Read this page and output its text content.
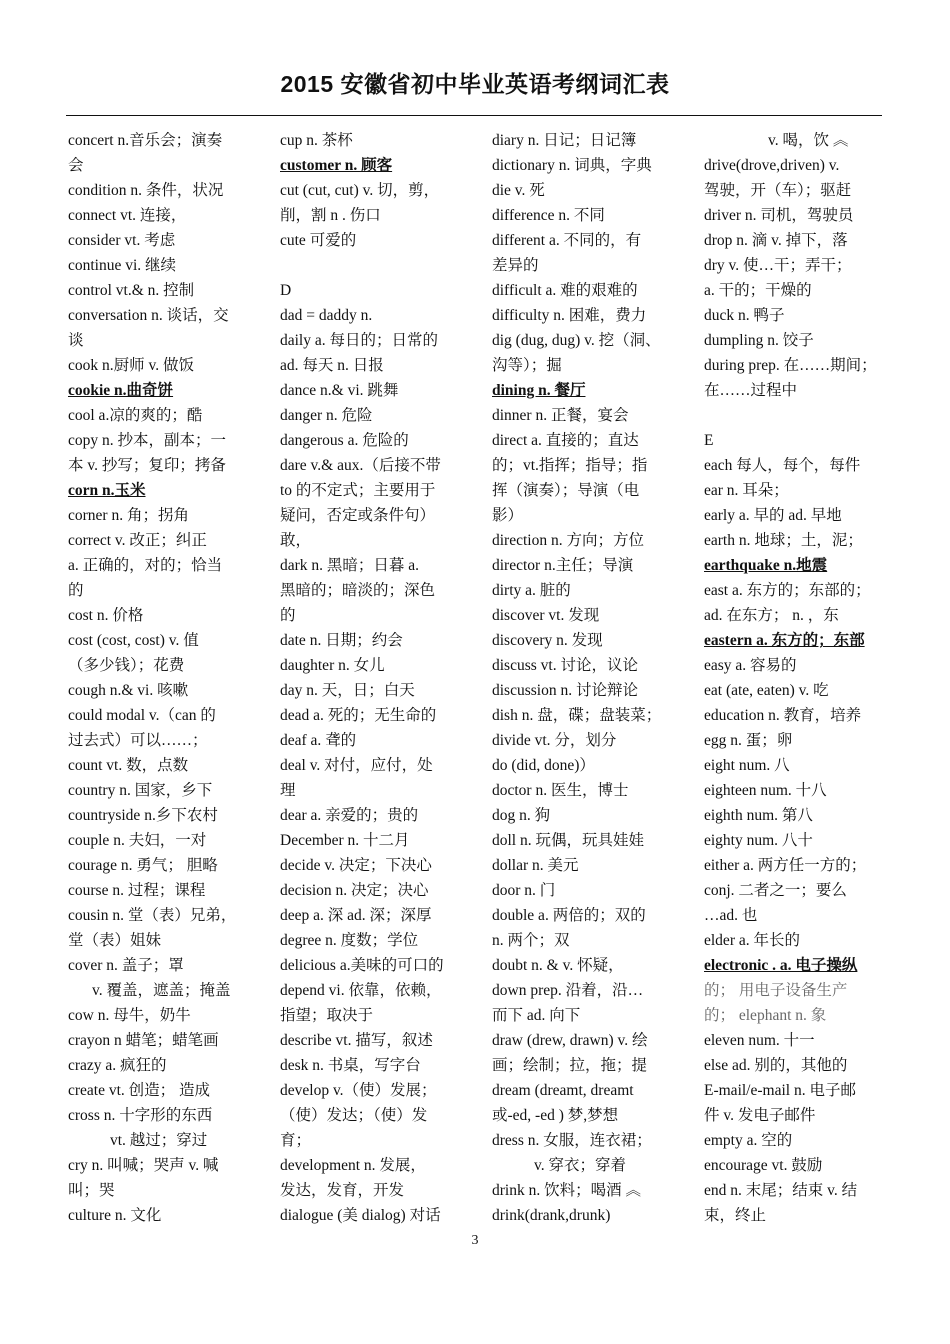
2015 安徽省初中毕业英语考纲词汇表
concert n.音乐会；演奏
会
condition n. 条件，状况
connect vt. 连接，
consider vt. 考虑
continue vi. 继续
control vt.& n. 控制
conversation n. 谈话，交
谈
cook n.厨师 v. 做饭
cookie n.曲奇饼
cool a.凉的爽的；酷
copy n. 抄本，副本；一
本 v. 抄写；复印；拷备
corn n.玉米
corner n. 角；拐角
correct v. 改正；纠正
a. 正确的，对的；恰当
的
cost n. 价格
cost (cost, cost) v. 值
（多少钱）；花费
cough n.& vi. 咳嗽
could modal v.（can 的
过去式）可以……；
count vt. 数，点数
country n. 国家，乡下
countryside n.乡下农村
couple n. 夫妇，一对
courage n. 勇气； 胆略
course n. 过程；课程
cousin n. 堂（表）兄弟，
堂（表）姐妹
cover n. 盖子；罩
v. 覆盖，遮盖；掩盖
cow n. 母牛，奶牛
crayon n 蜡笔；蜡笔画
crazy a. 疯狂的
create vt. 创造； 造成
cross n. 十字形的东西
vt. 越过；穿过
cry n. 叫喊；哭声 v. 喊
叫；哭
culture n. 文化
cup n. 茶杯
customer n. 顾客
cut (cut, cut) v. 切，剪，
削，割 n . 伤口
cute 可爱的
D
dad = daddy n.
daily a. 每日的；日常的
ad. 每天 n. 日报
dance n.& vi. 跳舞
danger n. 危险
dangerous a. 危险的
dare v.& aux.（后接不带
to 的不定式；主要用于
疑问，否定或条件句）
敢，
dark n. 黑暗；日暮 a.
黑暗的；暗淡的；深色
的
date n. 日期；约会
daughter n. 女儿
day n. 天，日；白天
dead a. 死的；无生命的
deaf a. 聋的
deal v. 对付，应付，处
理
dear a. 亲爱的；贵的
December n. 十二月
decide v. 决定；下决心
decision n. 决定；决心
deep a. 深 ad. 深；深厚
degree n. 度数；学位
delicious a.美味的可口的
depend vi. 依靠，依赖，
指望；取决于
describe vt. 描写，叙述
desk n. 书桌，写字台
develop v.（使）发展；
（使）发达；（使）发
育；
development n. 发展，
发达，发育，开发
dialogue (美 dialog) 对话
diary n. 日记；日记簿
dictionary n. 词典，字典
die v. 死
difference n. 不同
different a. 不同的，有
差异的
difficult a. 难的艰难的
difficulty n. 困难，费力
dig (dug, dug) v. 挖（洞、
沟等）；掘
dining n. 餐厅
dinner n. 正餐，宴会
direct a. 直接的；直达
的；vt.指挥；指导；指
挥（演奏）；导演（电
影）
direction n. 方向；方位
director n.主任；导演
dirty a. 脏的
discover vt. 发现
discovery n. 发现
discuss vt. 讨论，议论
discussion n. 讨论辩论
dish n. 盘，碟；盘装菜；
divide vt. 分，划分
do (did, done)）
doctor n. 医生，博士
dog n. 狗
doll n. 玩偶，玩具娃娃
dollar n. 美元
door n. 门
double a. 两倍的；双的
n. 两个；双
doubt n. & v. 怀疑，
down prep. 沿着，沿…
而下 ad. 向下
draw (drew, drawn) v. 绘
画；绘制；拉，拖；提
dream (dreamt, dreamt
或-ed, -ed ) 梦,梦想
dress n. 女服，连衣裙；
v. 穿衣；穿着
drink n. 饮料；喝酒 ︽
drink(drank,drunk)
v. 喝，饮 ︽
drive(drove,driven) v.
驾驶，开（车）；驱赶
driver n. 司机，驾驶员
drop n. 滴 v. 掉下，落
dry v. 使…干；弄干；
a. 干的；干燥的
duck n. 鸭子
dumpling n. 饺子
during prep. 在……期间；
在……过程中
E
each 每人，每个，每件
ear n. 耳朵；
early a. 早的 ad. 早地
earth n. 地球；土，泥；
earthquake n.地震
east a. 东方的；东部的；
ad. 在东方； n. ，东
eastern a. 东方的；东部
easy a. 容易的
eat (ate, eaten) v. 吃
education n. 教育，培养
egg n. 蛋；卵
eight num. 八
eighteen num. 十八
eighth num. 第八
eighty num. 八十
either a. 两方任一方的；
conj. 二者之一；要么
…ad. 也
elder a. 年长的
electronic . a. 电子操纵
的； 用电子设备生产
的； elephant n. 象
eleven num. 十一
else ad. 别的，其他的
E-mail/e-mail n. 电子邮
件 v. 发电子邮件
empty a. 空的
encourage vt. 鼓励
end n. 末尾；结束 v. 结
束，终止
3
